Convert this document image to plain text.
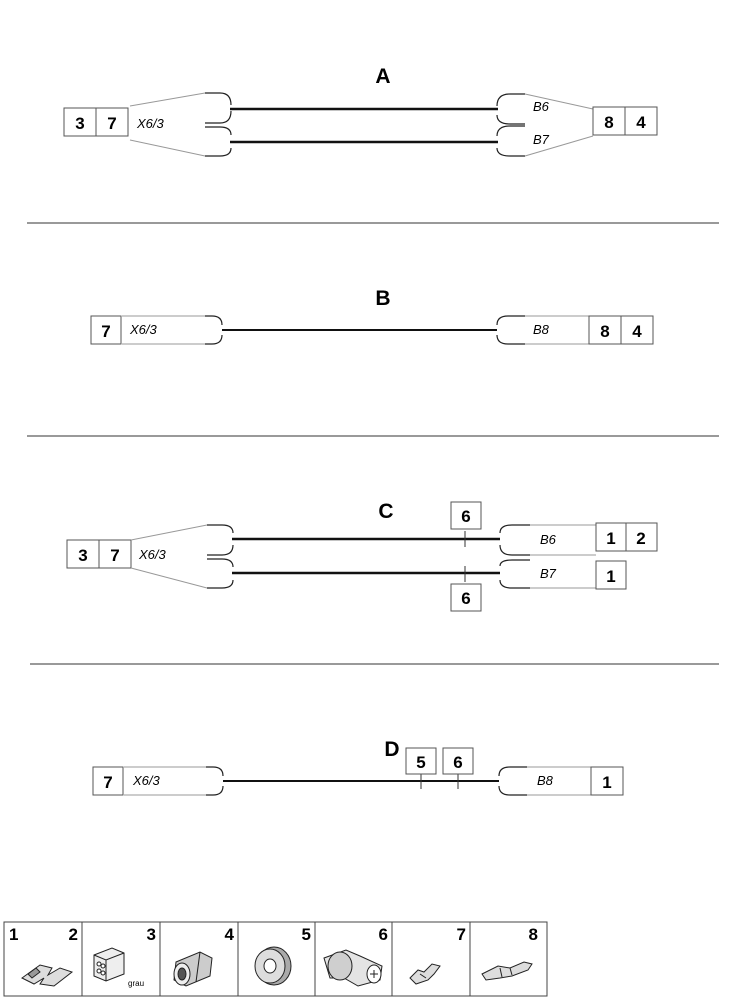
A
3 7 X6/3
B6
B7
8 4
B
7 X6/3	B8	8 4
C
3 7 X6/3
B6
B7
6
6
1 2
1
D
7 X6/3
5 6
B8	1
1	2	3
grau
4	5	6	7	8
